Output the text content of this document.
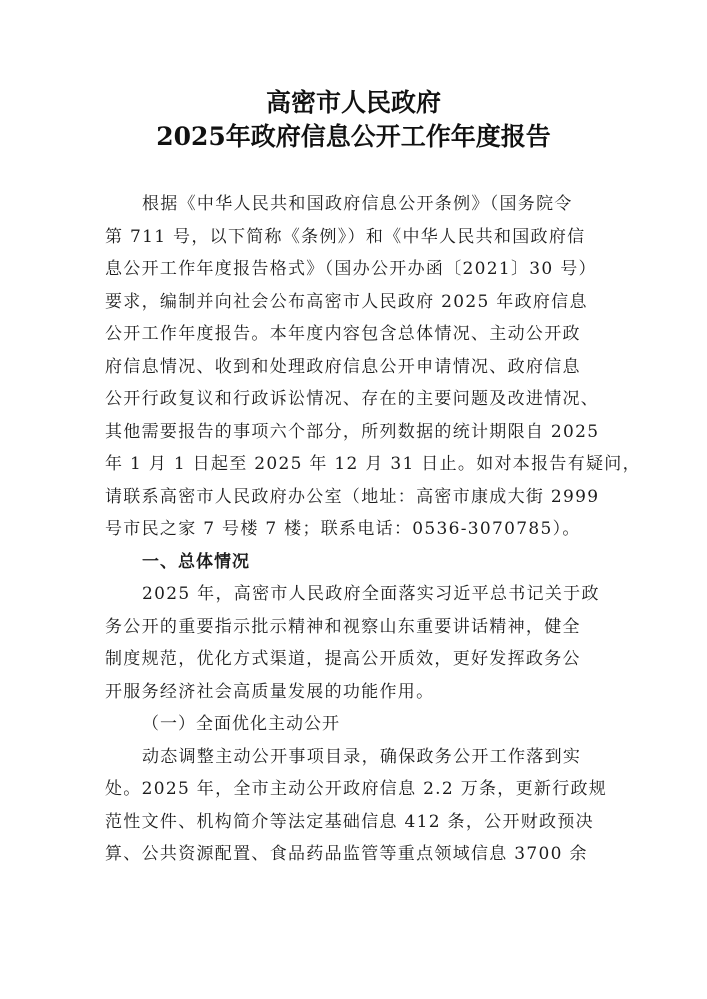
高密市人民政府
2025年政府信息公开工作年度报告
根据《中华人民共和国政府信息公开条例》（国务院令
第 711 号，以下简称《条例》）和《中华人民共和国政府信
息公开工作年度报告格式》（国办公开办函〔2021〕30 号）
要求，编制并向社会公布高密市人民政府 2025 年政府信息
公开工作年度报告。本年度内容包含总体情况、主动公开政
府信息情况、收到和处理政府信息公开申请情况、政府信息
公开行政复议和行政诉讼情况、存在的主要问题及改进情况、
其他需要报告的事项六个部分，所列数据的统计期限自 2025
年 1 月 1 日起至 2025 年 12 月 31 日止。如对本报告有疑问，
请联系高密市人民政府办公室（地址：高密市康成大街 2999
号市民之家 7 号楼 7 楼；联系电话：0536-3070785）。
一、总体情况
2025 年，高密市人民政府全面落实习近平总书记关于政
务公开的重要指示批示精神和视察山东重要讲话精神，健全
制度规范，优化方式渠道，提高公开质效，更好发挥政务公
开服务经济社会高质量发展的功能作用。
（一）全面优化主动公开
动态调整主动公开事项目录，确保政务公开工作落到实
处。2025 年，全市主动公开政府信息 2.2 万条，更新行政规
范性文件、机构简介等法定基础信息 412 条，公开财政预决
算、公共资源配置、食品药品监管等重点领域信息 3700 余
